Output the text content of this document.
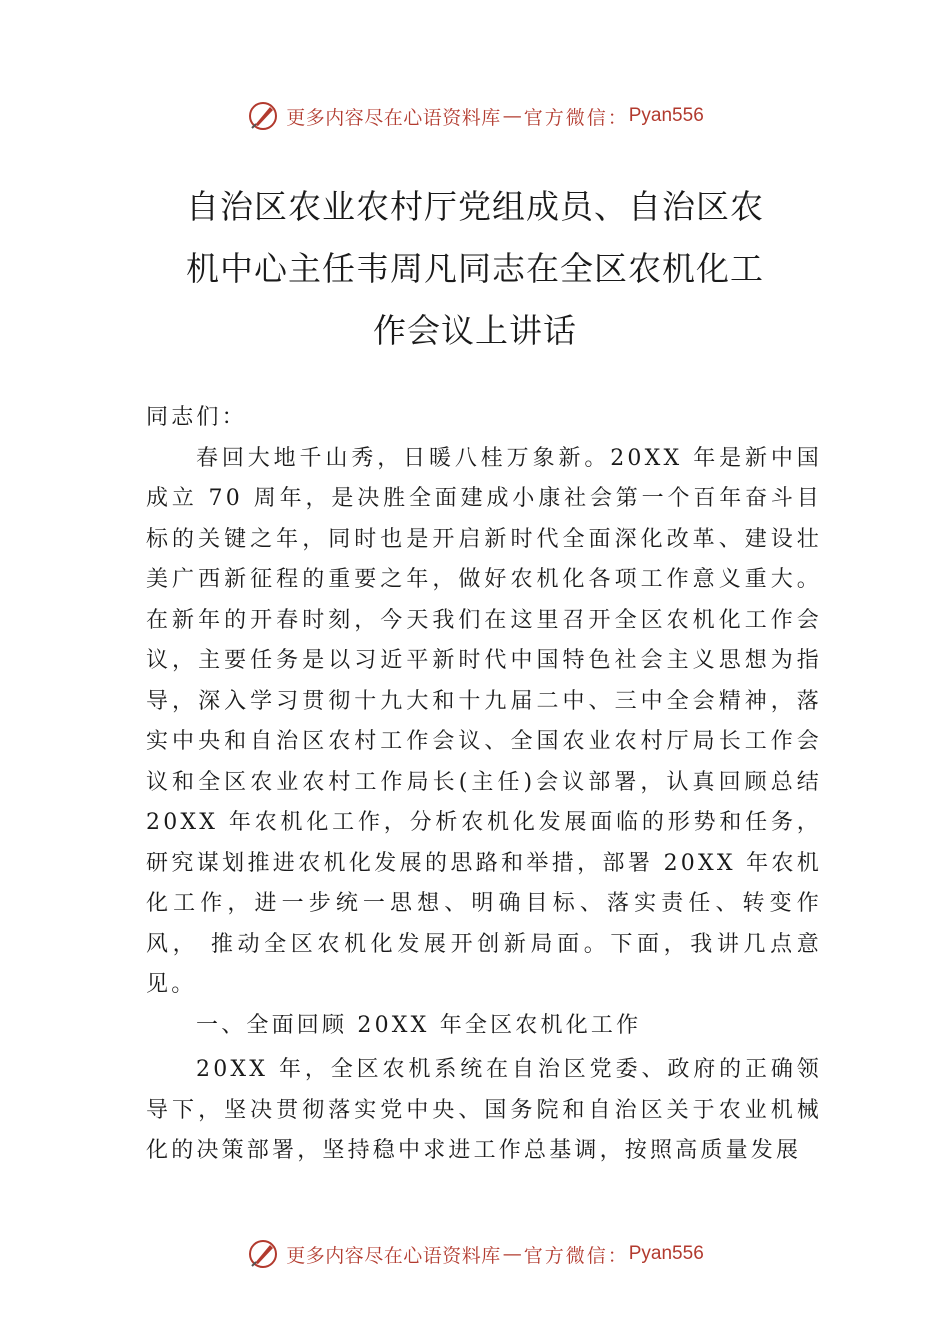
更多内容尽在心语资料库 — 官方微信： Pyan556
自治区农业农村厅党组成员、自治区农
机中心主任韦周凡同志在全区农机化工
作会议上讲话

同志们：

春回大地千山秀，日暖八桂万象新。20XX 年是新中国成立 70 周年，是决胜全面建成小康社会第一个百年奋斗目标的关键之年，同时也是开启新时代全面深化改革、建设壮美广西新征程的重要之年，做好农机化各项工作意义重大。 在新年的开春时刻，今天我们在这里召开全区农机化工作会议，主要任务是以习近平新时代中国特色社会主义思想为指导，深入学习贯彻十九大和十九届二中、三中全会精神，落实中央和自治区农村工作会议、全国农业农村厅局长工作会议和全区农业农村工作局长(主任)会议部署，认真回顾总结 20XX 年农机化工作，分析农机化发展面临的形势和任务， 研究谋划推进农机化发展的思路和举措，部署 20XX 年农机化工作，进一步统一思想、明确目标、落实责任、转变作风， 推动全区农机化发展开创新局面。下面，我讲几点意见。

一、全面回顾 20XX 年全区农机化工作

20XX 年，全区农机系统在自治区党委、政府的正确领导下，坚决贯彻落实党中央、国务院和自治区关于农业机械化的决策部署，坚持稳中求进工作总基调，按照高质量发展

更多内容尽在心语资料库 — 官方微信： Pyan556
